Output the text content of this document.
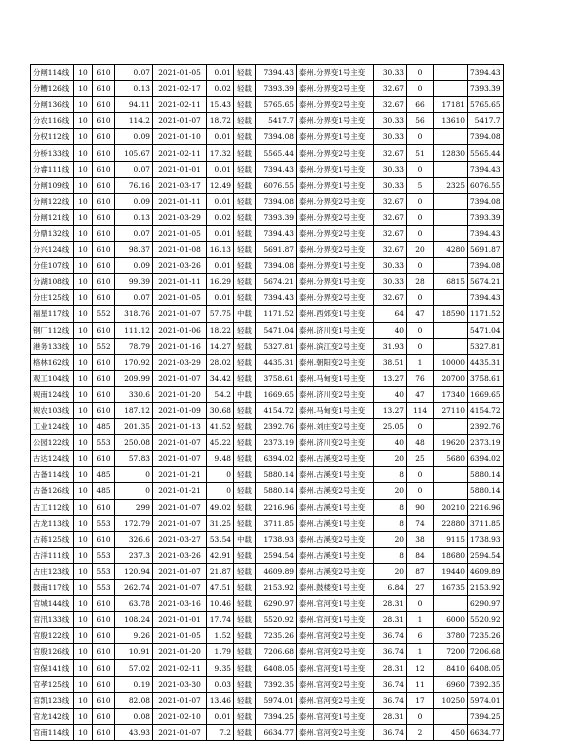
分闸114线	10	610	0.07	2021-01-05	0.01	轻载	7394.43	泰州.分界变1号主变	30.33	0		7394.43
分糟126线	10	610	0.13	2021-02-17	0.02	轻载	7393.39	泰州.分界变2号主变	32.67	0		7393.39
分闸136线	10	610	94.11	2021-02-11	15.43	轻载	5765.65	泰州.分界变2号主变	32.67	66	17181	5765.65
分农116线	10	610	114.2	2021-01-07	18.72	轻载	5417.7	泰州.分界变1号主变	30.33	56	13610	5417.7
分权112线	10	610	0.09	2021-01-10	0.01	轻载	7394.08	泰州.分界变1号主变	30.33	0		7394.08
分桥133线	10	610	105.67	2021-02-11	17.32	轻载	5565.44	泰州.分界变2号主变	32.67	51	12830	5565.44
分睿111线	10	610	0.07	2021-01-01	0.01	轻载	7394.43	泰州.分界变1号主变	30.33	0		7394.43
分闸109线	10	610	76.16	2021-03-17	12.49	轻载	6076.55	泰州.分界变1号主变	30.33	5	2325	6076.55
分闸122线	10	610	0.09	2021-01-11	0.01	轻载	7394.08	泰州.分界变2号主变	32.67	0		7394.08
分闸121线	10	610	0.13	2021-03-29	0.02	轻载	7393.39	泰州.分界变2号主变	32.67	0		7393.39
分鼎132线	10	610	0.07	2021-01-05	0.01	轻载	7394.43	泰州.分界变2号主变	32.67	0		7394.43
分兴124线	10	610	98.37	2021-01-08	16.13	轻载	5691.87	泰州.分界变2号主变	32.67	20	4280	5691.87
分佳107线	10	610	0.09	2021-03-26	0.01	轻载	7394.08	泰州.分界变1号主变	30.33	0		7394.08
分湖108线	10	610	99.39	2021-01-11	16.29	轻载	5674.21	泰州.分界变1号主变	30.33	28	6815	5674.21
分庄125线	10	610	0.07	2021-01-05	0.01	轻载	7394.43	泰州.分界变2号主变	32.67	0		7394.43
福星117线	10	552	318.76	2021-01-07	57.75	中载	1171.52	泰州.西郊变1号主变	64	47	18590	1171.52
钢厂112线	10	610	111.12	2021-01-06	18.22	轻载	5471.04	泰州.济川变1号主变	40	0		5471.04
港务133线	10	552	78.79	2021-01-16	14.27	轻载	5327.81	泰州.滨江变2号主变	31.93	0		5327.81
格林162线	10	610	170.92	2021-03-29	28.02	轻载	4435.31	泰州.朝阳变2号主变	38.51	1	10000	4435.31
观工104线	10	610	209.99	2021-01-07	34.42	轻载	3758.61	泰州.马甸变1号主变	13.27	76	20700	3758.61
规南124线	10	610	330.6	2021-01-20	54.2	中载	1669.65	泰州.济川变2号主变	40	47	17340	1669.65
规农103线	10	610	187.12	2021-01-09	30.68	轻载	4154.72	泰州.马甸变1号主变	13.27	114	27110	4154.72
工业124线	10	485	201.35	2021-01-13	41.52	轻载	2392.76	泰州.刘庄变2号主变	25.05	0		2392.76
公园122线	10	553	250.08	2021-01-07	45.22	轻载	2373.19	泰州.济川变2号主变	40	48	19620	2373.19
古达124线	10	610	57.83	2021-01-07	9.48	轻载	6394.02	泰州.古溪变2号主变	20	25	5680	6394.02
古备114线	10	485	0	2021-01-21	0	轻载	5880.14	泰州.古溪变1号主变	8	0		5880.14
古备126线	10	485	0	2021-01-21	0	轻载	5880.14	泰州.古溪变2号主变	20	0		5880.14
古工112线	10	610	299	2021-01-07	49.02	轻载	2216.96	泰州.古溪变1号主变	8	90	20210	2216.96
古龙113线	10	553	172.79	2021-01-07	31.25	轻载	3711.85	泰州.古溪变1号主变	8	74	22880	3711.85
古蒋125线	10	610	326.6	2021-03-27	53.54	中载	1738.93	泰州.古溪变2号主变	20	38	9115	1738.93
古洋111线	10	553	237.3	2021-03-26	42.91	轻载	2594.54	泰州.古溪变1号主变	8	84	18680	2594.54
古庄123线	10	553	120.94	2021-01-07	21.87	轻载	4609.89	泰州.古溪变2号主变	20	87	19440	4609.89
鼓南117线	10	553	262.74	2021-01-07	47.51	轻载	2153.92	泰州.鼓楼变1号主变	6.84	27	16735	2153.92
官城144线	10	610	63.78	2021-03-16	10.46	轻载	6290.97	泰州.官河变1号主变	28.31	0		6290.97
官汛133线	10	610	108.24	2021-01-01	17.74	轻载	5520.92	泰州.官河变1号主变	28.31	1	6000	5520.92
官殷122线	10	610	9.26	2021-01-05	1.52	轻载	7235.26	泰州.官河变2号主变	36.74	6	3780	7235.26
官殷126线	10	610	10.91	2021-01-20	1.79	轻载	7206.68	泰州.官河变2号主变	36.74	1	7200	7206.68
官保141线	10	610	57.02	2021-02-11	9.35	轻载	6408.05	泰州.官河变1号主变	28.31	12	8410	6408.05
官孝125线	10	610	0.19	2021-03-30	0.03	轻载	7392.35	泰州.官河变2号主变	36.74	11	6960	7392.35
官凯123线	10	610	82.08	2021-01-07	13.46	轻载	5974.01	泰州.官河变2号主变	36.74	17	10250	5974.01
官龙142线	10	610	0.08	2021-02-10	0.01	轻载	7394.25	泰州.官河变1号主变	28.31	0		7394.25
官南114线	10	610	43.93	2021-01-07	7.2	轻载	6634.77	泰州.官河变2号主变	36.74	2	450	6634.77
